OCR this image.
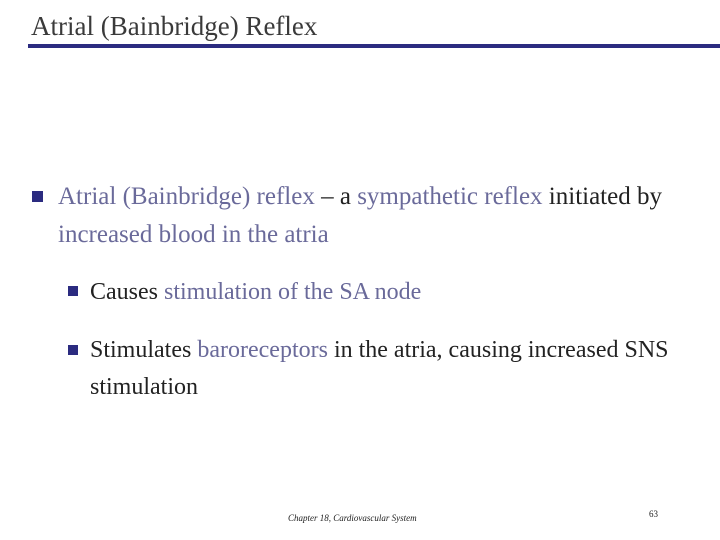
Atrial (Bainbridge) Reflex
Atrial (Bainbridge) reflex – a sympathetic reflex initiated by increased blood in the atria
Causes stimulation of the SA node
Stimulates baroreceptors in the atria, causing increased SNS stimulation
Chapter 18, Cardiovascular System	63
